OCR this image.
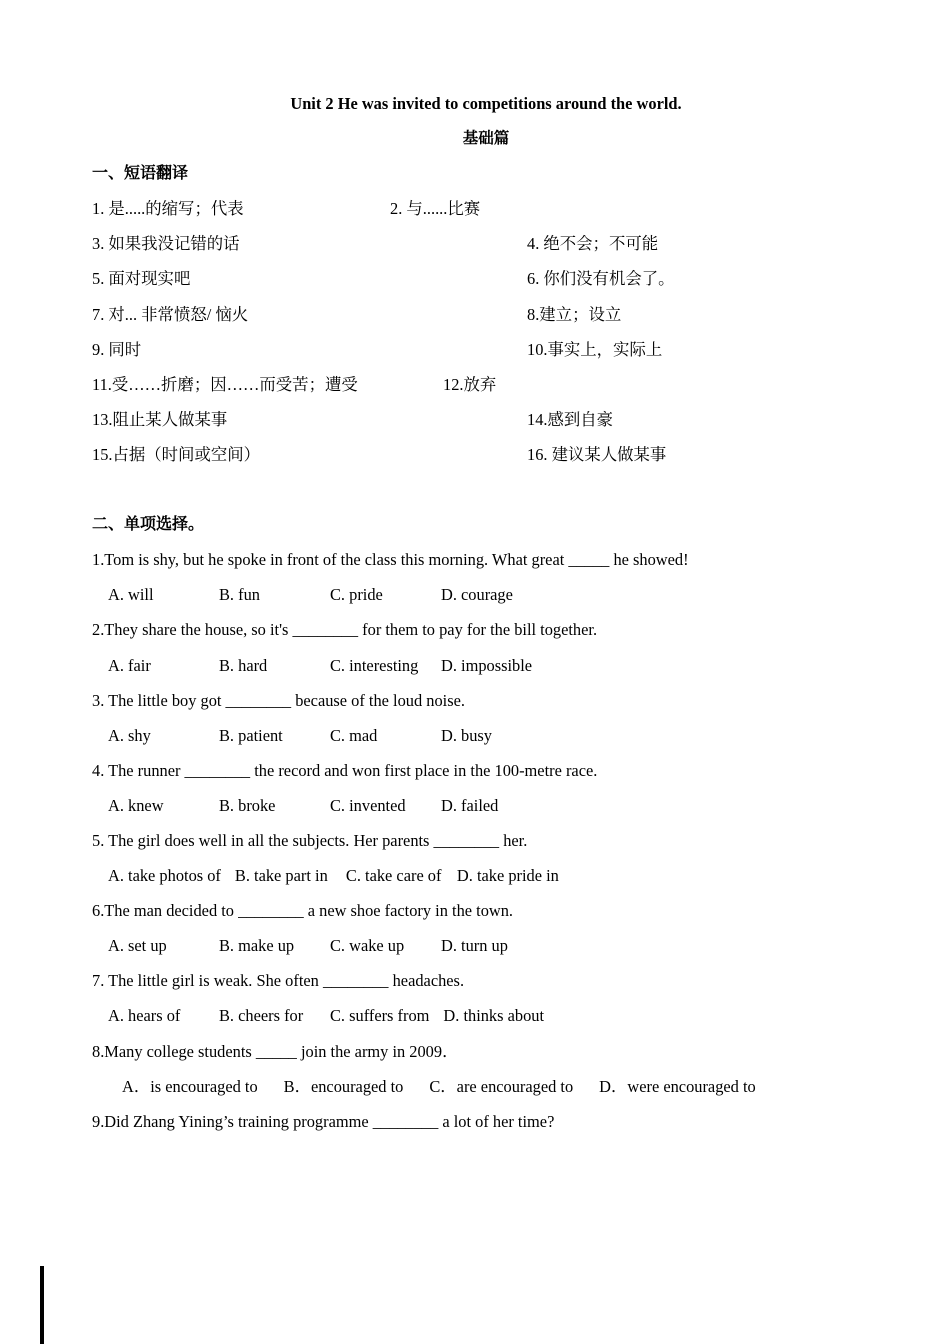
Unit 2 He was invited to competitions around the world.
基础篇
一、短语翻译
1. 是.....的缩写；代表	2. 与......比赛
3. 如果我没记错的话	4. 绝不会；不可能
5. 面对现实吧	6. 你们没有机会了。
7. 对... 非常愤怒/ 恼火	8.建立；设立
9. 同时	10.事实上，实际上
11.受……折磨；因……而受苦；遭受	12.放弃
13.阻止某人做某事	14.感到自豪
15.占据（时间或空间）	16. 建议某人做某事
二、单项选择。
1.Tom is shy, but he spoke in front of the class this morning. What great _____ he showed!
A. will	B. fun	C. pride	D. courage
2.They share the house, so it's ________ for them to pay for the bill together.
A. fair	B. hard	C. interesting D. impossible
3. The little boy got ________ because of the loud noise.
A. shy	B. patient	C. mad	D. busy
4. The runner ________ the record and won first place in the 100-metre race.
A. knew	B. broke	C. invented D. failed
5. The girl does well in all the subjects. Her parents ________ her.
A. take photos of B. take part in C. take care of D. take pride in
6.The man decided to ________ a new shoe factory in the town.
A. set up	B. make up C. wake up D. turn up
7. The little girl is weak. She often ________ headaches.
A. hears of B. cheers for C. suffers from D. thinks about
8.Many college students _____ join the army in 2009．
A．is encouraged to B．encouraged to C．are encouraged to D．were encouraged to
9.Did Zhang Yining’s training programme ________ a lot of her time?
